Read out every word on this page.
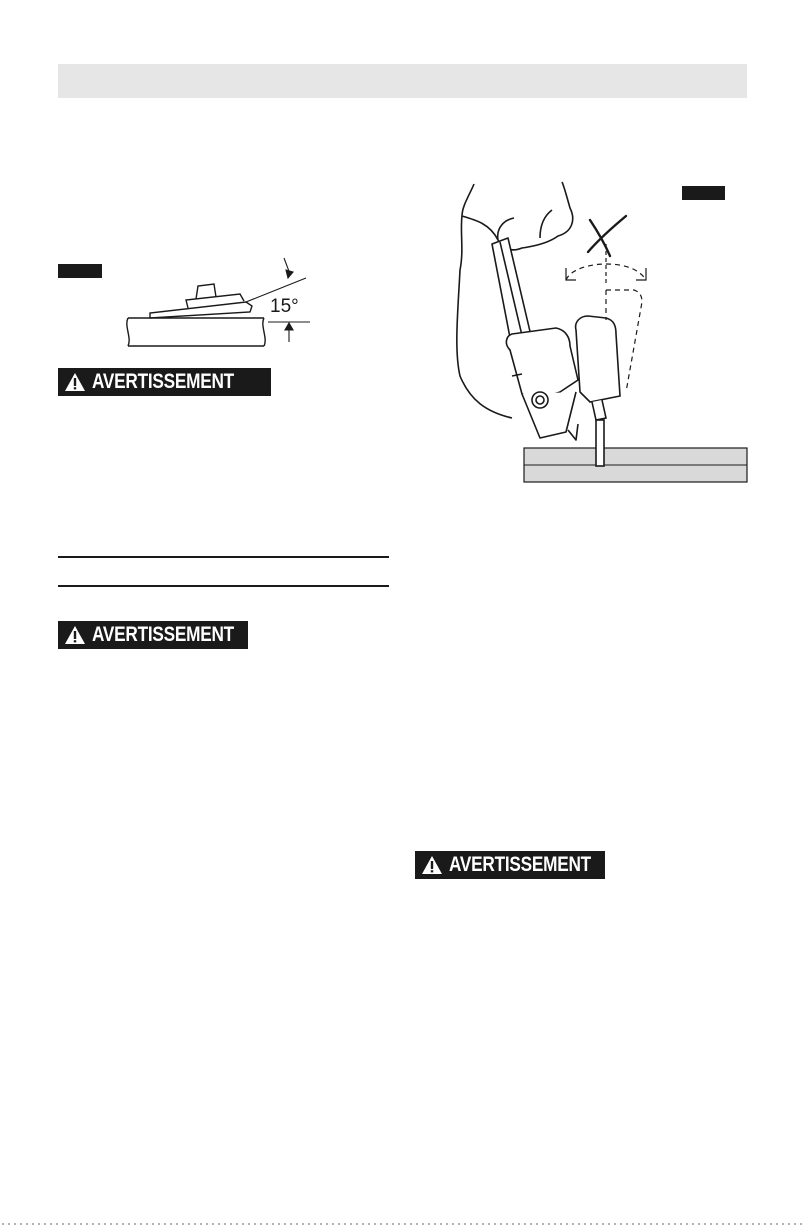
15°
AVERTISSEMENT
AVERTISSEMENT
AVERTISSEMENT
